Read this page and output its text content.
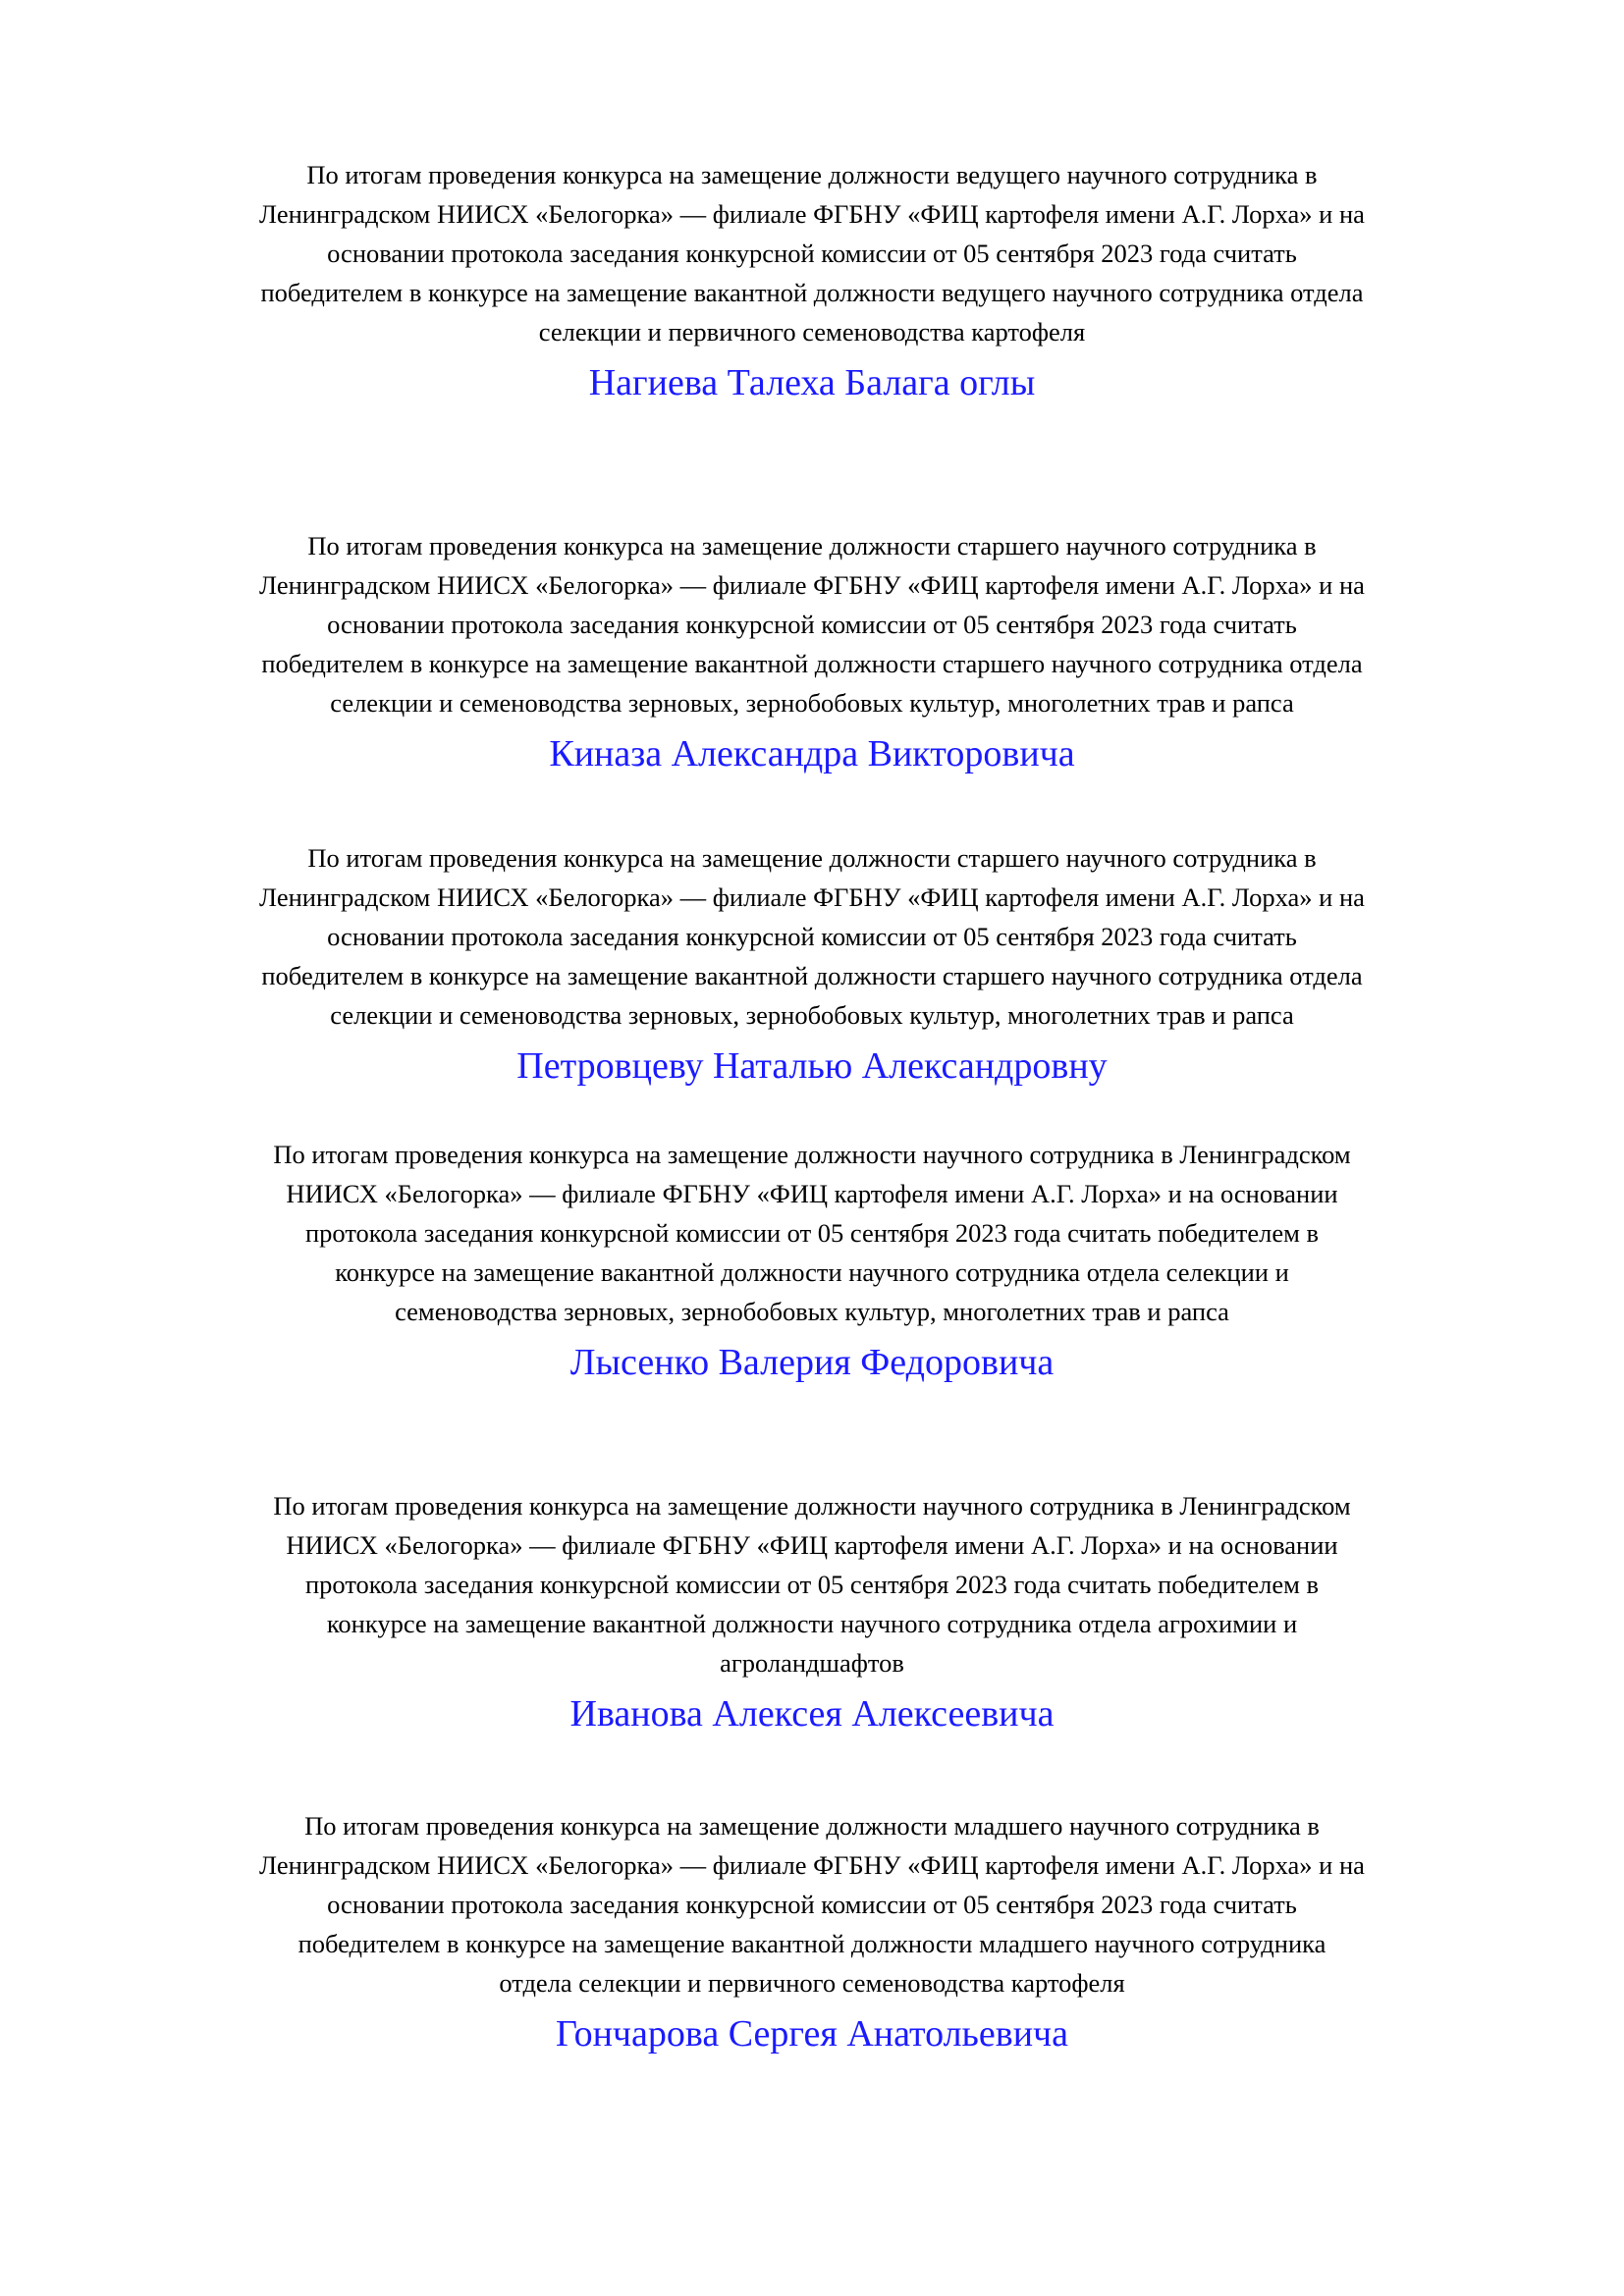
По итогам проведения конкурса на замещение должности ведущего научного сотрудника в
Ленинградском НИИСХ «Белогорка» — филиале ФГБНУ «ФИЦ картофеля имени А.Г. Лорха» и на
основании протокола заседания конкурсной комиссии от 05 сентября 2023 года считать
победителем в конкурсе на замещение вакантной должности ведущего научного сотрудника отдела
селекции и первичного семеноводства картофеля

Нагиева Талеха Балага оглы

По итогам проведения конкурса на замещение должности старшего научного сотрудника в
Ленинградском НИИСХ «Белогорка» — филиале ФГБНУ «ФИЦ картофеля имени А.Г. Лорха» и на
основании протокола заседания конкурсной комиссии от 05 сентября 2023 года считать
победителем в конкурсе на замещение вакантной должности старшего научного сотрудника отдела
селекции и семеноводства зерновых, зернобобовых культур, многолетних трав и рапса

Киназа Александра Викторовича

По итогам проведения конкурса на замещение должности старшего научного сотрудника в
Ленинградском НИИСХ «Белогорка» — филиале ФГБНУ «ФИЦ картофеля имени А.Г. Лорха» и на
основании протокола заседания конкурсной комиссии от 05 сентября 2023 года считать
победителем в конкурсе на замещение вакантной должности старшего научного сотрудника отдела
селекции и семеноводства зерновых, зернобобовых культур, многолетних трав и рапса

Петровцеву Наталью Александровну

По итогам проведения конкурса на замещение должности научного сотрудника в Ленинградском
НИИСХ «Белогорка» — филиале ФГБНУ «ФИЦ картофеля имени А.Г. Лорха» и на основании
протокола заседания конкурсной комиссии от 05 сентября 2023 года считать победителем в
конкурсе на замещение вакантной должности научного сотрудника отдела селекции и
семеноводства зерновых, зернобобовых культур, многолетних трав и рапса

Лысенко Валерия Федоровича

По итогам проведения конкурса на замещение должности научного сотрудника в Ленинградском
НИИСХ «Белогорка» — филиале ФГБНУ «ФИЦ картофеля имени А.Г. Лорха» и на основании
протокола заседания конкурсной комиссии от 05 сентября 2023 года считать победителем в
конкурсе на замещение вакантной должности научного сотрудника отдела агрохимии и
агроландшафтов

Иванова Алексея Алексеевича

По итогам проведения конкурса на замещение должности младшего научного сотрудника в
Ленинградском НИИСХ «Белогорка» — филиале ФГБНУ «ФИЦ картофеля имени А.Г. Лорха» и на
основании протокола заседания конкурсной комиссии от 05 сентября 2023 года считать
победителем в конкурсе на замещение вакантной должности младшего научного сотрудника
отдела селекции и первичного семеноводства картофеля

Гончарова Сергея Анатольевича
